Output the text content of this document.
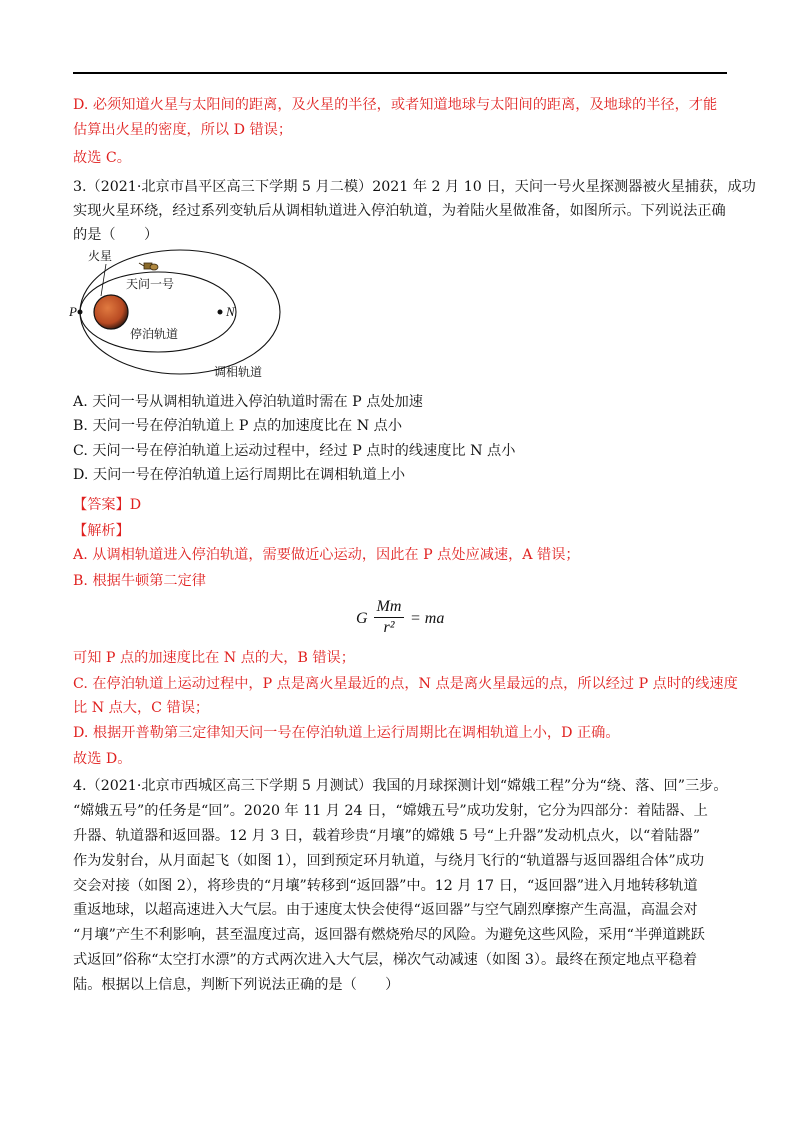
D. 必须知道火星与太阳间的距离，及火星的半径，或者知道地球与太阳间的距离，及地球的半径，才能
估算出火星的密度，所以 D 错误；
故选 C。
3.（2021·北京市昌平区高三下学期 5 月二模）2021 年 2 月 10 日，天问一号火星探测器被火星捕获，成功
实现火星环绕，经过系列变轨后从调相轨道进入停泊轨道，为着陆火星做准备，如图所示。下列说法正确
的是（　　）
A. 天问一号从调相轨道进入停泊轨道时需在 P 点处加速
B. 天问一号在停泊轨道上 P 点的加速度比在 N 点小
C. 天问一号在停泊轨道上运动过程中，经过 P 点时的线速度比 N 点小
D. 天问一号在停泊轨道上运行周期比在调相轨道上小
【答案】D
【解析】
A. 从调相轨道进入停泊轨道，需要做近心运动，因此在 P 点处应减速，A 错误；
B. 根据牛顿第二定律
可知 P 点的加速度比在 N 点的大，B 错误；
C. 在停泊轨道上运动过程中，P 点是离火星最近的点，N 点是离火星最远的点，所以经过 P 点时的线速度
比 N 点大，C 错误；
D. 根据开普勒第三定律知天问一号在停泊轨道上运行周期比在调相轨道上小，D 正确。
故选 D。
4.（2021·北京市西城区高三下学期 5 月测试）我国的月球探测计划“嫦娥工程”分为“绕、落、回”三步。
“嫦娥五号”的任务是“回”。2020 年 11 月 24 日，“嫦娥五号”成功发射，它分为四部分：着陆器、上
升器、轨道器和返回器。12 月 3 日，载着珍贵“月壤”的嫦娥 5 号“上升器”发动机点火，以“着陆器”
作为发射台，从月面起飞（如图 1），回到预定环月轨道，与绕月飞行的“轨道器与返回器组合体”成功
交会对接（如图 2），将珍贵的“月壤”转移到“返回器”中。12 月 17 日，“返回器”进入月地转移轨道
重返地球，以超高速进入大气层。由于速度太快会使得“返回器”与空气剧烈摩擦产生高温，高温会对
“月壤”产生不利影响，甚至温度过高，返回器有燃烧殆尽的风险。为避免这些风险，采用“半弹道跳跃
式返回”俗称“太空打水漂”的方式两次进入大气层，梯次气动减速（如图 3）。最终在预定地点平稳着
陆。根据以上信息，判断下列说法正确的是（　　）
火星
天问一号
停泊轨道
调相轨道
P	N
G
Mm
r²
= ma
